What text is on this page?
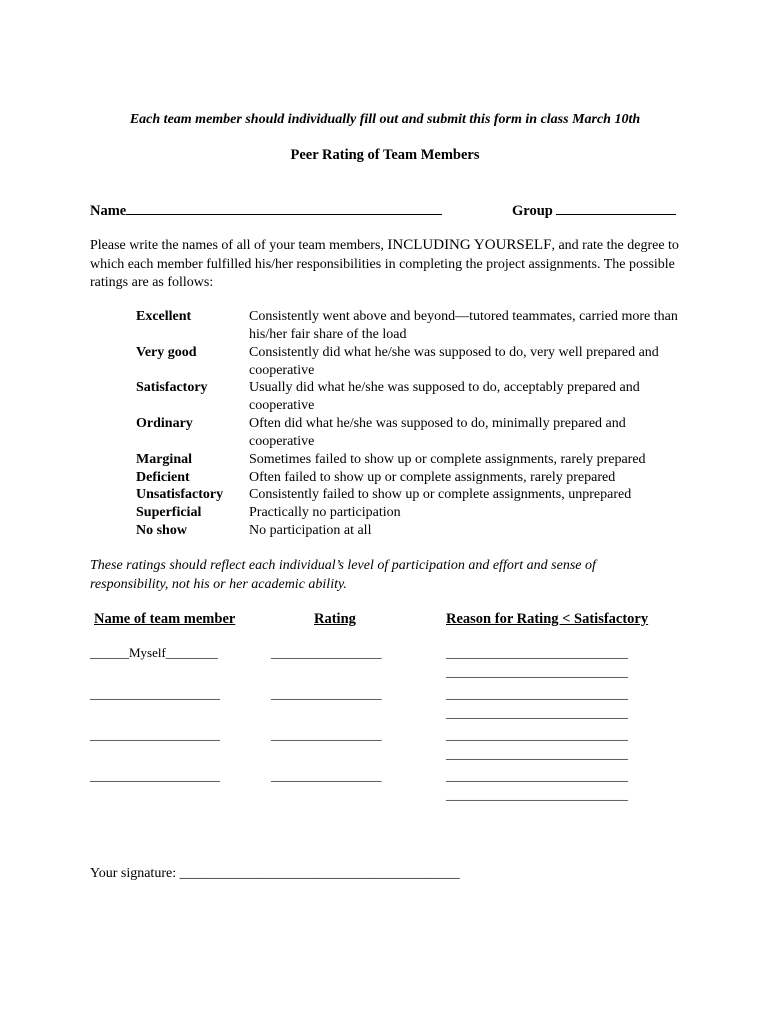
Each team member should individually fill out and submit this form in class March 10th
Peer Rating of Team Members
Name	Group
Please write the names of all of your team members, INCLUDING YOURSELF, and rate the degree to which each member fulfilled his/her responsibilities in completing the project assignments. The possible ratings are as follows:
Excellent	Consistently went above and beyond—tutored teammates, carried more than his/her fair share of the load
Very good	Consistently did what he/she was supposed to do, very well prepared and cooperative
Satisfactory	Usually did what he/she was supposed to do, acceptably prepared and cooperative
Ordinary	Often did what he/she was supposed to do, minimally prepared and cooperative
Marginal	Sometimes failed to show up or complete assignments, rarely prepared
Deficient	Often failed to show up or complete assignments, rarely prepared
Unsatisfactory	Consistently failed to show up or complete assignments, unprepared
Superficial	Practically no participation
No show	No participation at all
These ratings should reflect each individual’s level of participation and effort and sense of responsibility, not his or her academic ability.
Name of team member	Rating	Reason for Rating < Satisfactory
______Myself________	_________________	____________________________
____________________________
____________________	_________________	____________________________
____________________________
____________________	_________________	____________________________
____________________________
____________________	_________________	____________________________
____________________________
Your signature: ________________________________________
